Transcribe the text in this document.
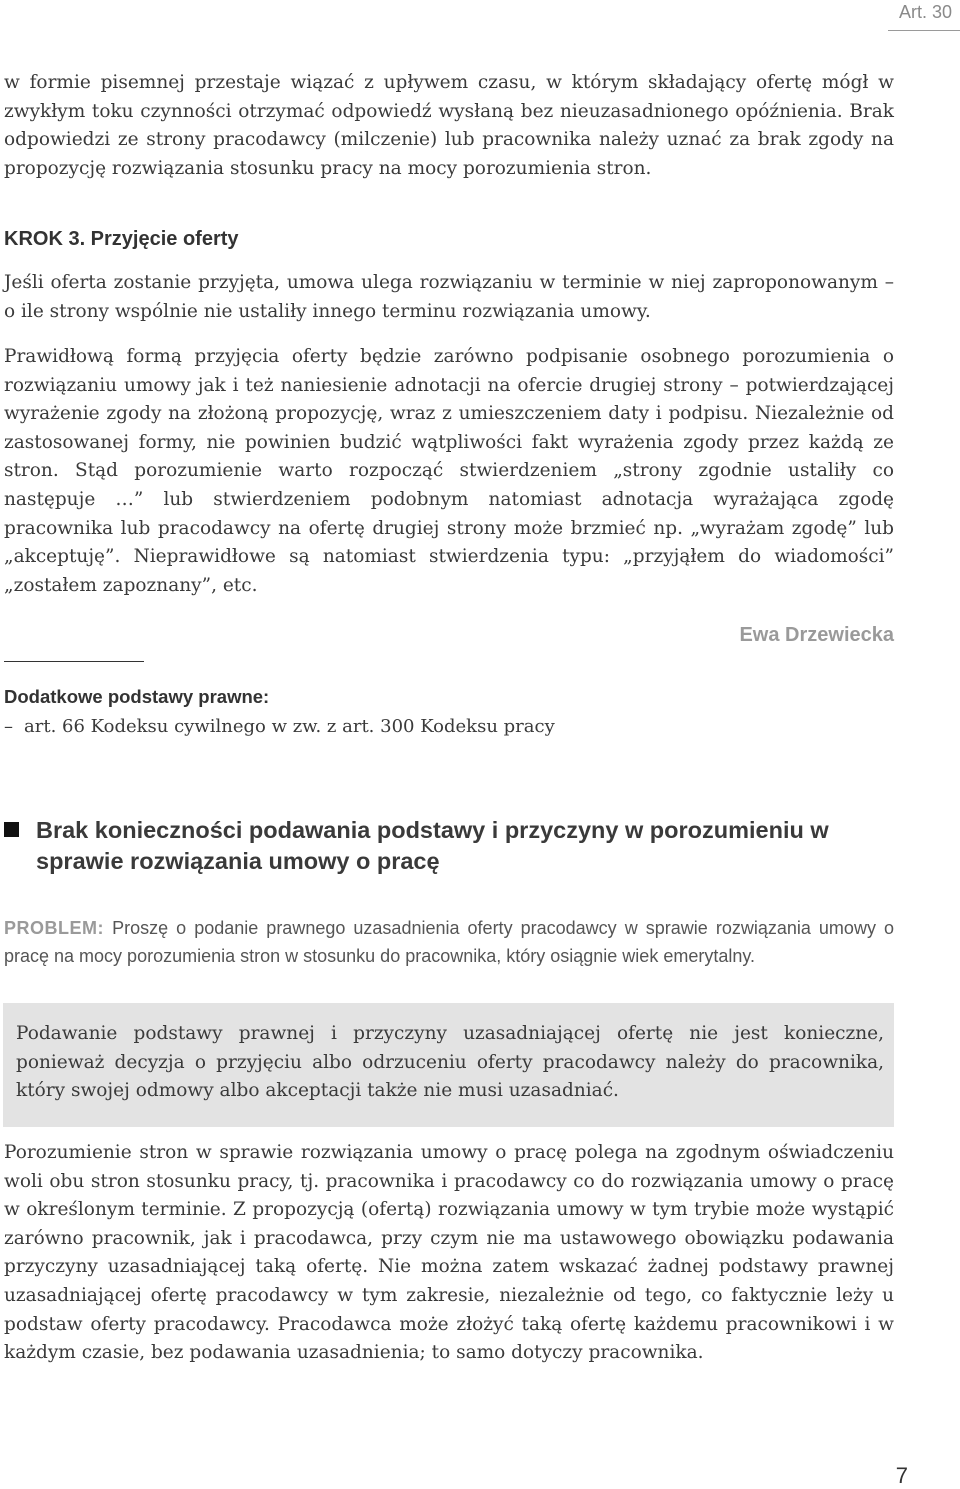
Art. 30

w formie pisemnej przestaje wiązać z upływem czasu, w którym składający ofertę mógł w zwykłym toku czynności otrzymać odpowiedź wysłaną bez nieuzasadnionego opóźnienia. Brak odpowiedzi ze strony pracodawcy (milczenie) lub pracownika należy uznać za brak zgody na propozycję rozwiązania stosunku pracy na mocy porozumienia stron.

KROK 3. Przyjęcie oferty

Jeśli oferta zostanie przyjęta, umowa ulega rozwiązaniu w terminie w niej zaproponowanym – o ile strony wspólnie nie ustaliły innego terminu rozwiązania umowy.

Prawidłową formą przyjęcia oferty będzie zarówno podpisanie osobnego porozumienia o rozwiązaniu umowy jak i też naniesienie adnotacji na ofercie drugiej strony – potwierdzającej wyrażenie zgody na złożoną propozycję, wraz z umieszczeniem daty i podpisu. Niezależnie od zastosowanej formy, nie powinien budzić wątpliwości fakt wyrażenia zgody przez każdą ze stron. Stąd porozumienie warto rozpocząć stwierdzeniem „strony zgodnie ustaliły co następuje …” lub stwierdzeniem podobnym natomiast adnotacja wyrażająca zgodę pracownika lub pracodawcy na ofertę drugiej strony może brzmieć np. „wyrażam zgodę” lub „akceptuję”. Nieprawidłowe są natomiast stwierdzenia typu: „przyjąłem do wiadomości” „zostałem zapoznany”, etc.

Ewa Drzewiecka
Dodatkowe podstawy prawne:
– art. 66 Kodeksu cywilnego w zw. z art. 300 Kodeksu pracy
Brak konieczności podawania podstawy i przyczyny w porozumieniu w sprawie rozwiązania umowy o pracę

PROBLEM: Proszę o podanie prawnego uzasadnienia oferty pracodawcy w sprawie rozwiązania umowy o pracę na mocy porozumienia stron w stosunku do pracownika, który osiągnie wiek emerytalny.

Podawanie podstawy prawnej i przyczyny uzasadniającej ofertę nie jest konieczne, ponieważ decyzja o przyjęciu albo odrzuceniu oferty pracodawcy należy do pracownika, który swojej odmowy albo akceptacji także nie musi uzasadniać.

Porozumienie stron w sprawie rozwiązania umowy o pracę polega na zgodnym oświadczeniu woli obu stron stosunku pracy, tj. pracownika i pracodawcy co do rozwiązania umowy o pracę w określonym terminie. Z propozycją (ofertą) rozwiązania umowy w tym trybie może wystąpić zarówno pracownik, jak i pracodawca, przy czym nie ma ustawowego obowiązku podawania przyczyny uzasadniającej taką ofertę. Nie można zatem wskazać żadnej podstawy prawnej uzasadniającej ofertę pracodawcy w tym zakresie, niezależnie od tego, co faktycznie leży u podstaw oferty pracodawcy. Pracodawca może złożyć taką ofertę każdemu pracownikowi i w każdym czasie, bez podawania uzasadnienia; to samo dotyczy pracownika.

7
